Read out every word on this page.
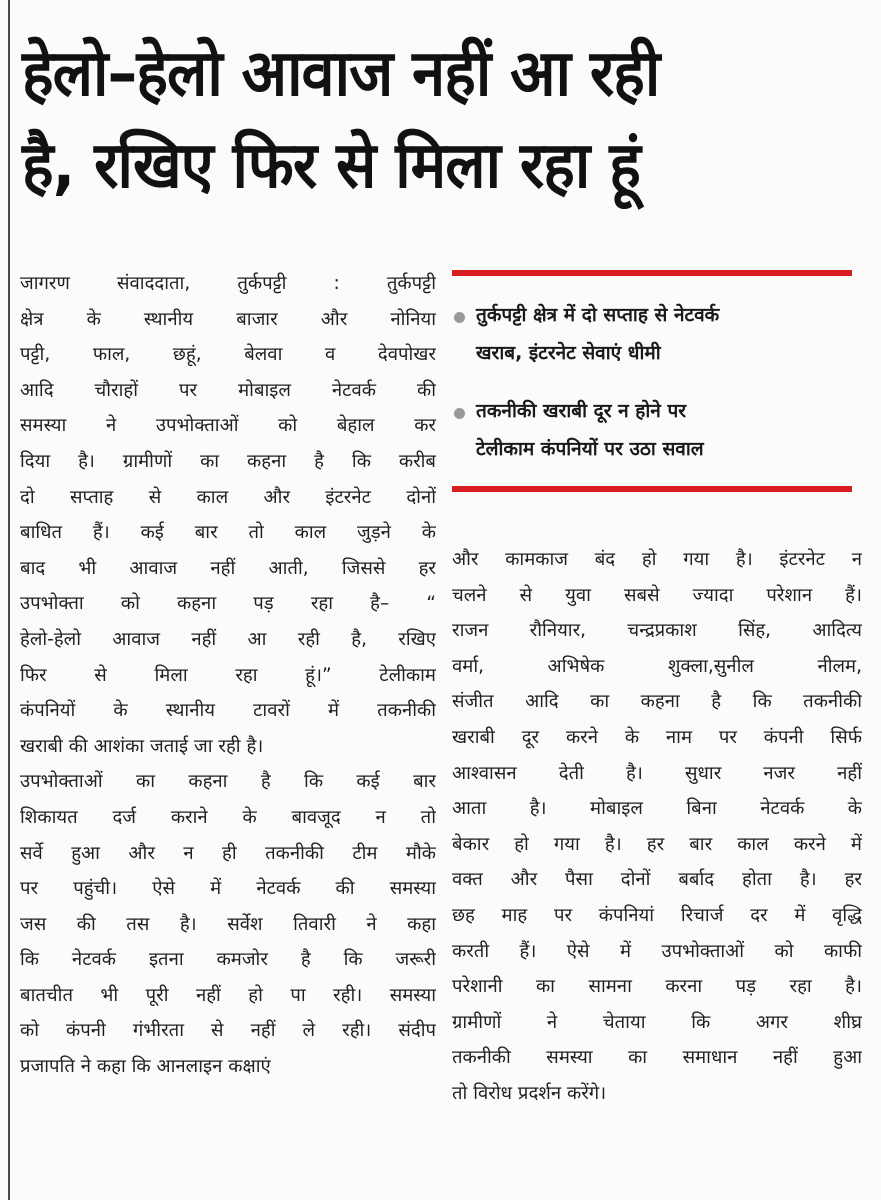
हेलो–हेलो आवाज नहीं आ रही
है, रखिए फिर से मिला रहा हूं

जागरण संवाददाता, तुर्कपट्टी : तुर्कपट्टी
क्षेत्र के स्थानीय बाजार और नोनिया
पट्टी, फाल, छहूं, बेलवा व देवपोखर
आदि चौराहों पर मोबाइल नेटवर्क की
समस्या ने उपभोक्ताओं को बेहाल कर
दिया है। ग्रामीणों का कहना है कि करीब
दो सप्ताह से काल और इंटरनेट दोनों
बाधित हैं। कई बार तो काल जुड़ने के
बाद भी आवाज नहीं आती, जिससे हर
उपभोक्ता को कहना पड़ रहा है– “
हेलो-हेलो आवाज नहीं आ रही है, रखिए
फिर से मिला रहा हूं।” टेलीकाम
कंपनियों के स्थानीय टावरों में तकनीकी
खराबी की आशंका जताई जा रही है।
उपभोक्ताओं का कहना है कि कई बार
शिकायत दर्ज कराने के बावजूद न तो
सर्वे हुआ और न ही तकनीकी टीम मौके
पर पहुंची। ऐसे में नेटवर्क की समस्या
जस की तस है। सर्वेश तिवारी ने कहा
कि नेटवर्क इतना कमजोर है कि जरूरी
बातचीत भी पूरी नहीं हो पा रही। समस्या
को कंपनी गंभीरता से नहीं ले रही। संदीप
प्रजापति ने कहा कि आनलाइन कक्षाएं

तुर्कपट्टी क्षेत्र में दो सप्ताह से नेटवर्क
खराब, इंटरनेट सेवाएं धीमी
तकनीकी खराबी दूर न होने पर
टेलीकाम कंपनियों पर उठा सवाल

और कामकाज बंद हो गया है। इंटरनेट न
चलने से युवा सबसे ज्यादा परेशान हैं।
राजन रौनियार, चन्द्रप्रकाश सिंह, आदित्य
वर्मा, अभिषेक शुक्ला,सुनील नीलम,
संजीत आदि का कहना है कि तकनीकी
खराबी दूर करने के नाम पर कंपनी सिर्फ
आश्वासन देती है। सुधार नजर नहीं
आता है। मोबाइल बिना नेटवर्क के
बेकार हो गया है। हर बार काल करने में
वक्त और पैसा दोनों बर्बाद होता है। हर
छह माह पर कंपनियां रिचार्ज दर में वृद्धि
करती हैं। ऐसे में उपभोक्ताओं को काफी
परेशानी का सामना करना पड़ रहा है।
ग्रामीणों ने चेताया कि अगर शीघ्र
तकनीकी समस्या का समाधान नहीं हुआ
तो विरोध प्रदर्शन करेंगे।
